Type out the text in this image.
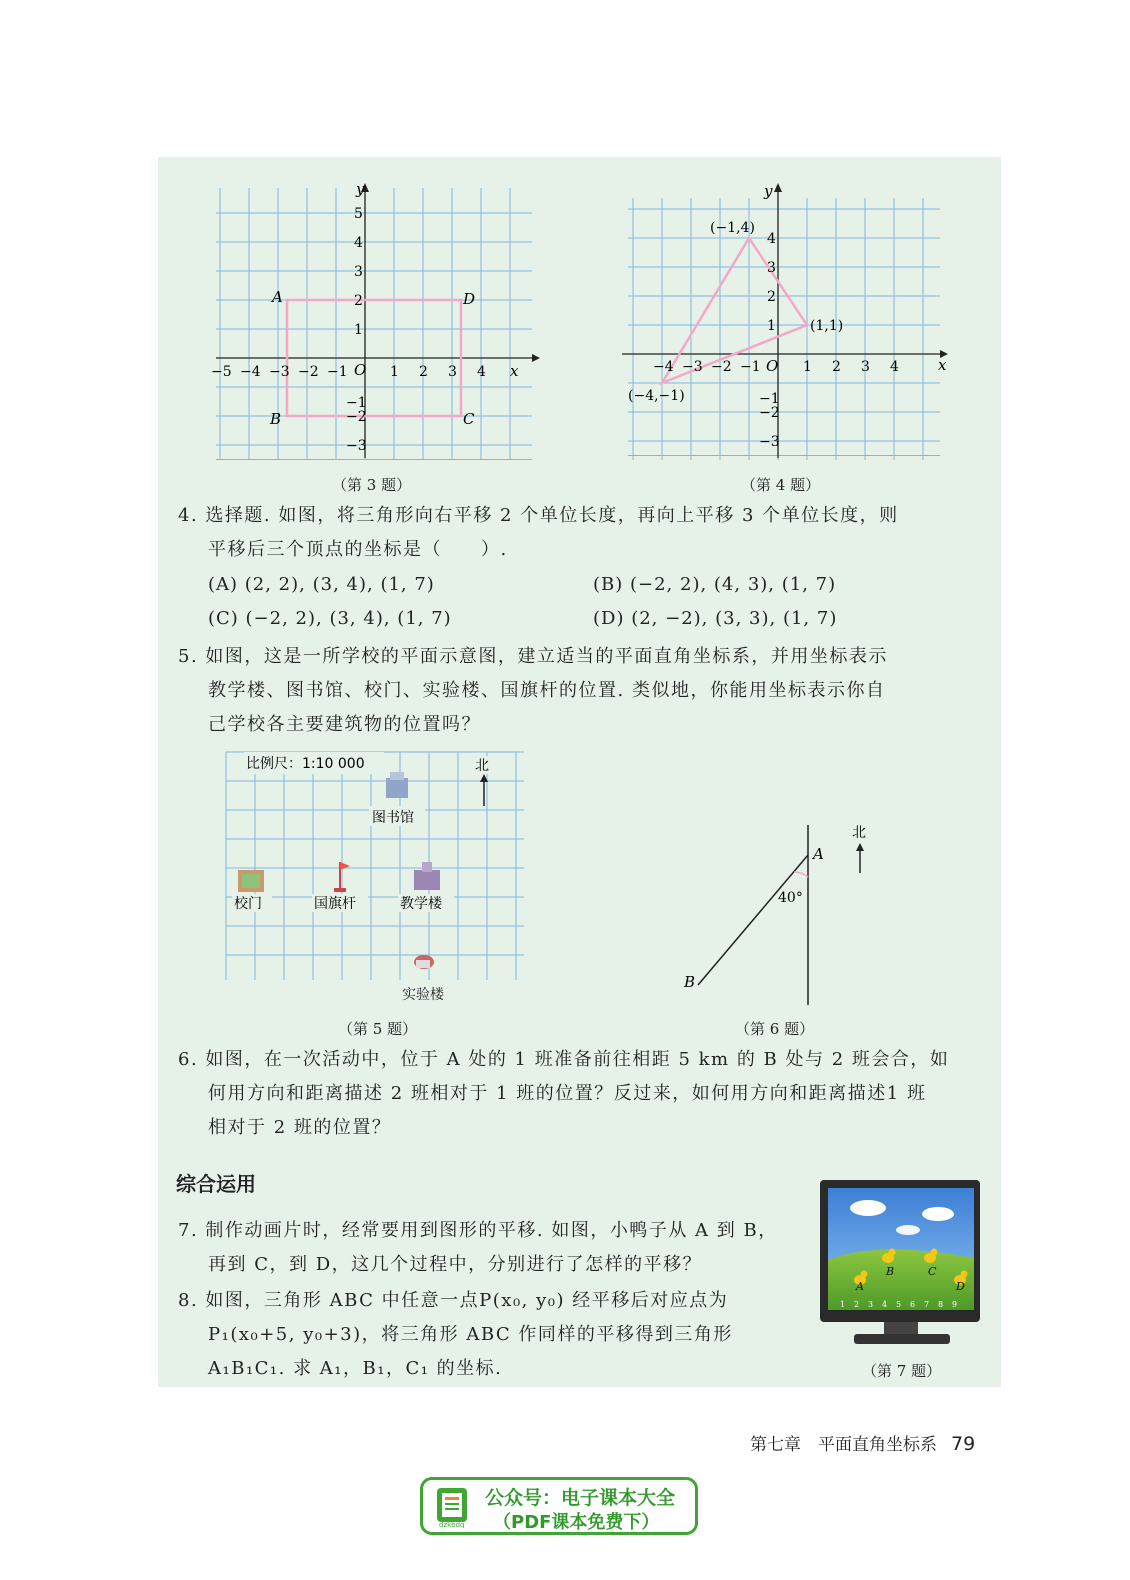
−5 −4 −3 −2 −1	1 2 3 4
5
4
3
2
1
−1
−2
−3
O	x
y
A	D
C
B
（第 3 题）
−4 −3 −2 −1	1 2 3 4
4
3
2
1
−1
−2
−3
O	x
y
(−1,4)
(1,1)
(−4,−1)
（第 4 题）
4. 选择题. 如图，将三角形向右平移 2 个单位长度，再向上平移 3 个单位长度，则
平移后三个顶点的坐标是（　　）.
(A) (2, 2), (3, 4), (1, 7)	(B) (−2, 2), (4, 3), (1, 7)
(C) (−2, 2), (3, 4), (1, 7)	(D) (2, −2), (3, 3), (1, 7)
5. 如图，这是一所学校的平面示意图，建立适当的平面直角坐标系，并用坐标表示
教学楼、图书馆、校门、实验楼、国旗杆的位置. 类似地，你能用坐标表示你自
己学校各主要建筑物的位置吗？
比例尺：1:10 000	北
图书馆
校门	国旗杆	教学楼
实验楼
（第 5 题）
40°
A
B
北
（第 6 题）
6. 如图，在一次活动中，位于 A 处的 1 班准备前往相距 5 km 的 B 处与 2 班会合，如
何用方向和距离描述 2 班相对于 1 班的位置？反过来，如何用方向和距离描述1 班
相对于 2 班的位置？
综合运用
7. 制作动画片时，经常要用到图形的平移. 如图，小鸭子从 A 到 B，
再到 C，到 D，这几个过程中，分别进行了怎样的平移？
8. 如图，三角形 ABC 中任意一点P(x₀, y₀) 经平移后对应点为
P₁(x₀+5, y₀+3)，将三角形 ABC 作同样的平移得到三角形
A₁B₁C₁. 求 A₁，B₁，C₁ 的坐标.
A
B	C
D
1 2 3 4 5 6 7 8 9
（第 7 题）
第七章　平面直角坐标系 79
dzkbdq
公众号：电子课本大全
（PDF课本免费下）
